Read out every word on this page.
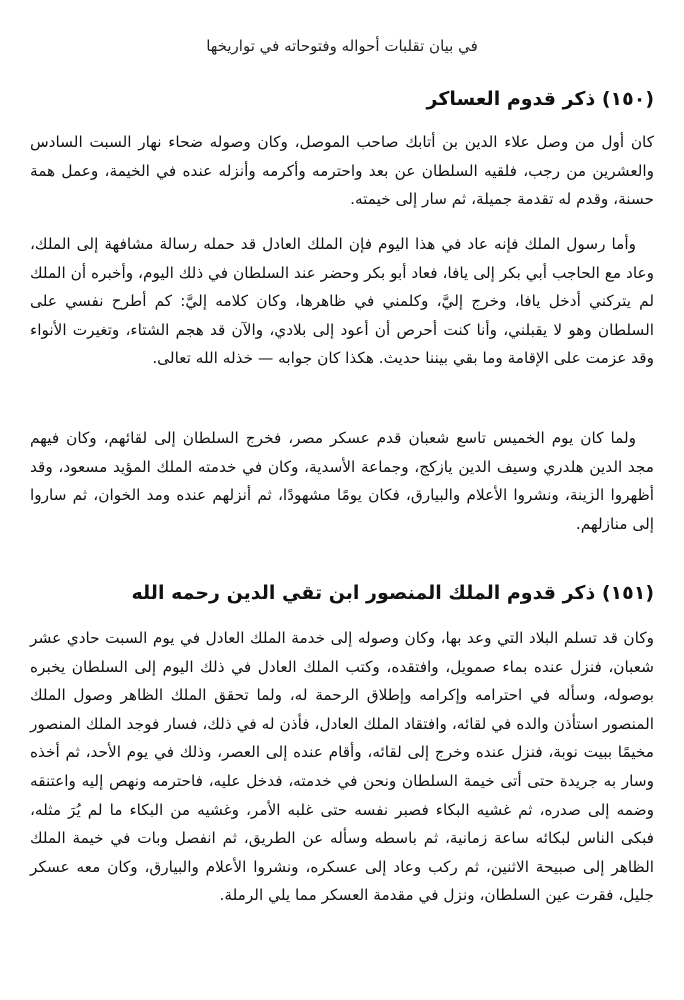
في بيان تقلبات أحواله وفتوحاته في تواريخها
(١٥٠) ذكر قدوم العساكر

كان أول من وصل علاء الدين بن أتابك صاحب الموصل، وكان وصوله ضحاء نهار السبت السادس والعشرين من رجب، فلقيه السلطان عن بعد واحترمه وأكرمه وأنزله عنده في الخيمة، وعمل همة حسنة، وقدم له تقدمة جميلة، ثم سار إلى خيمته.

وأما رسول الملك فإنه عاد في هذا اليوم فإن الملك العادل قد حمله رسالة مشافهة إلى الملك، وعاد مع الحاجب أبي بكر إلى يافا، فعاد أبو بكر وحضر عند السلطان في ذلك اليوم، وأخبره أن الملك لم يتركني أدخل يافا، وخرج إليَّ، وكلمني في ظاهرها، وكان كلامه إليَّ: كم أطرح نفسي على السلطان وهو لا يقبلني، وأنا كنت أحرص أن أعود إلى بلادي، والآن قد هجم الشتاء، وتغيرت الأنواء وقد عزمت على الإقامة وما بقي بيننا حديث. هكذا كان جوابه — خذله الله تعالى.

ولما كان يوم الخميس تاسع شعبان قدم عسكر مصر، فخرج السلطان إلى لقائهم، وكان فيهم مجد الدين هلدري وسيف الدين يازكج، وجماعة الأسدية، وكان في خدمته الملك المؤيد مسعود، وقد أظهروا الزينة، ونشروا الأعلام والبيارق، فكان يومًا مشهودًا، ثم أنزلهم عنده ومد الخوان، ثم ساروا إلى منازلهم.

(١٥١) ذكر قدوم الملك المنصور ابن تقي الدين رحمه الله

وكان قد تسلم البلاد التي وعد بها، وكان وصوله إلى خدمة الملك العادل في يوم السبت حادي عشر شعبان، فنزل عنده بماء صمويل، وافتقده، وكتب الملك العادل في ذلك اليوم إلى السلطان يخبره بوصوله، وسأله في احترامه وإكرامه وإطلاق الرحمة له، ولما تحقق الملك الظاهر وصول الملك المنصور استأذن والده في لقائه، وافتقاد الملك العادل، فأذن له في ذلك، فسار فوجد الملك المنصور مخيمًا ببيت نوبة، فنزل عنده وخرج إلى لقائه، وأقام عنده إلى العصر، وذلك في يوم الأحد، ثم أخذه وسار به جريدة حتى أتى خيمة السلطان ونحن في خدمته، فدخل عليه، فاحترمه ونهص إليه واعتنقه وضمه إلى صدره، ثم غشيه البكاء فصبر نفسه حتى غلبه الأمر، وغشيه من البكاء ما لم يُرَ مثله، فبكى الناس لبكائه ساعة زمانية، ثم باسطه وسأله عن الطريق، ثم انفصل وبات في خيمة الملك الظاهر إلى صبيحة الاثنين، ثم ركب وعاد إلى عسكره، ونشروا الأعلام والبيارق، وكان معه عسكر جليل، فقرت عين السلطان، ونزل في مقدمة العسكر مما يلي الرملة.
